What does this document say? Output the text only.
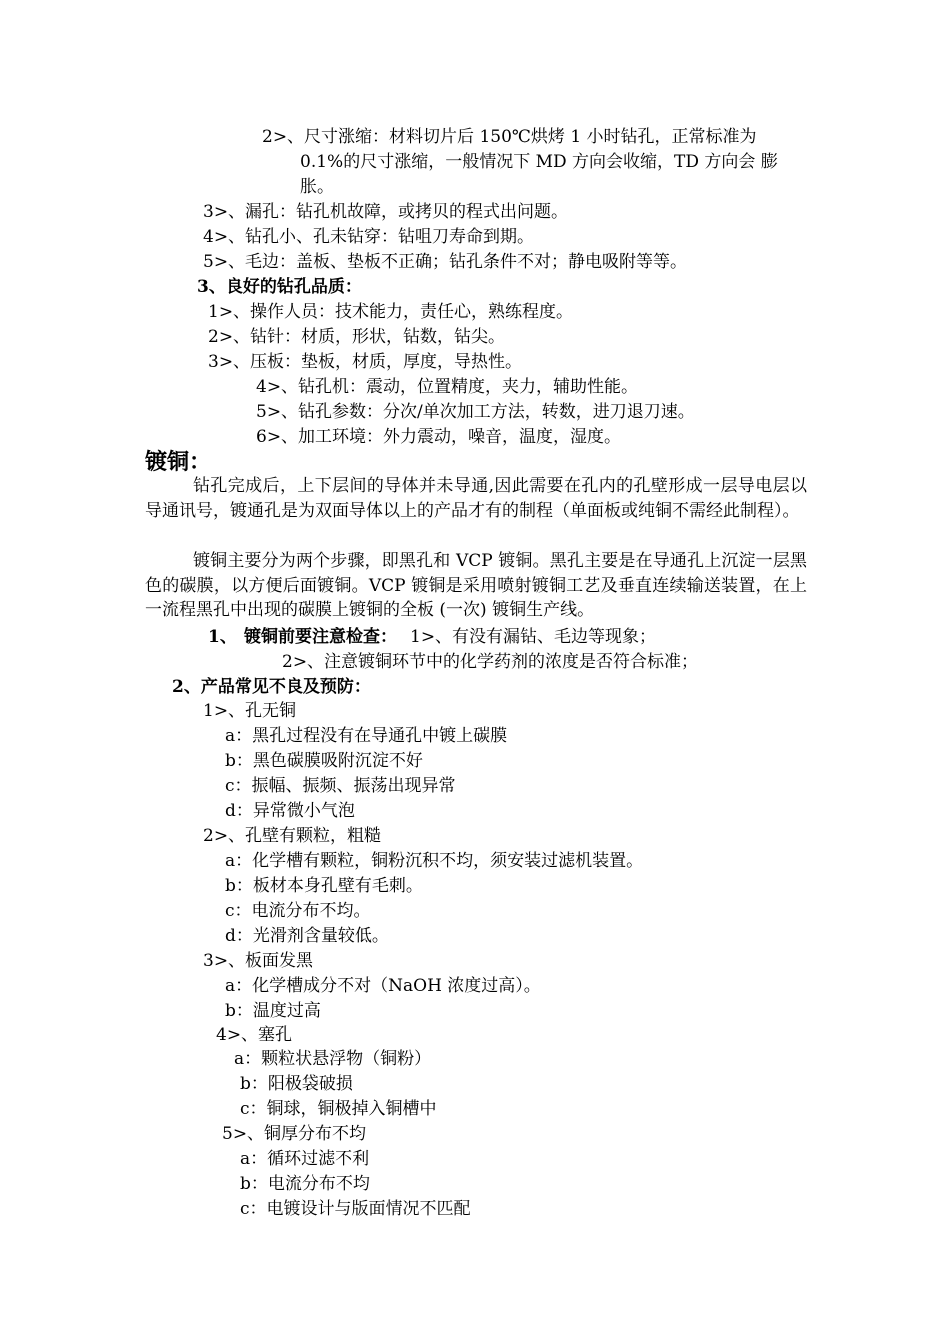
2>、尺寸涨缩：材料切片后 150℃烘烤 1 小时钻孔，正常标准为
0.1%的尺寸涨缩，一般情况下 MD 方向会收缩，TD 方向会 膨
胀。
3>、漏孔：钻孔机故障，或拷贝的程式出问题。
4>、钻孔小、孔未钻穿：钻咀刀寿命到期。
5>、毛边：盖板、垫板不正确；钻孔条件不对；静电吸附等等。
3、良好的钻孔品质：
1>、操作人员：技术能力，责任心，熟练程度。
2>、钻针：材质，形状，钻数，钻尖。
3>、压板：垫板，材质，厚度，导热性。
4>、钻孔机：震动，位置精度，夹力，辅助性能。
5>、钻孔参数：分次/单次加工方法，转数，进刀退刀速。
6>、加工环境：外力震动，噪音，温度，湿度。
镀铜：
钻孔完成后，上下层间的导体并未导通,因此需要在孔内的孔壁形成一层导电层以导通讯号，镀通孔是为双面导体以上的产品才有的制程（单面板或纯铜不需经此制程）。
镀铜主要分为两个步骤，即黑孔和 VCP 镀铜。黑孔主要是在导通孔上沉淀一层黑色的碳膜，以方便后面镀铜。VCP 镀铜是采用喷射镀铜工艺及垂直连续输送装置，在上一流程黑孔中出现的碳膜上镀铜的全板 (一次) 镀铜生产线。
1、 镀铜前要注意检查： 1>、有没有漏钻、毛边等现象；
2>、注意镀铜环节中的化学药剂的浓度是否符合标准；
2、产品常见不良及预防：
1>、孔无铜
a：黑孔过程没有在导通孔中镀上碳膜
b：黑色碳膜吸附沉淀不好
c：振幅、振频、振荡出现异常
d：异常微小气泡
2>、孔壁有颗粒，粗糙
a：化学槽有颗粒，铜粉沉积不均，须安装过滤机装置。
b：板材本身孔壁有毛刺。
c：电流分布不均。
d：光滑剂含量较低。
3>、板面发黑
a：化学槽成分不对（NaOH 浓度过高）。
b：温度过高
4>、塞孔
a：颗粒状悬浮物（铜粉）
b：阳极袋破损
c：铜球，铜极掉入铜槽中
5>、铜厚分布不均
a：循环过滤不利
b：电流分布不均
c：电镀设计与版面情况不匹配
